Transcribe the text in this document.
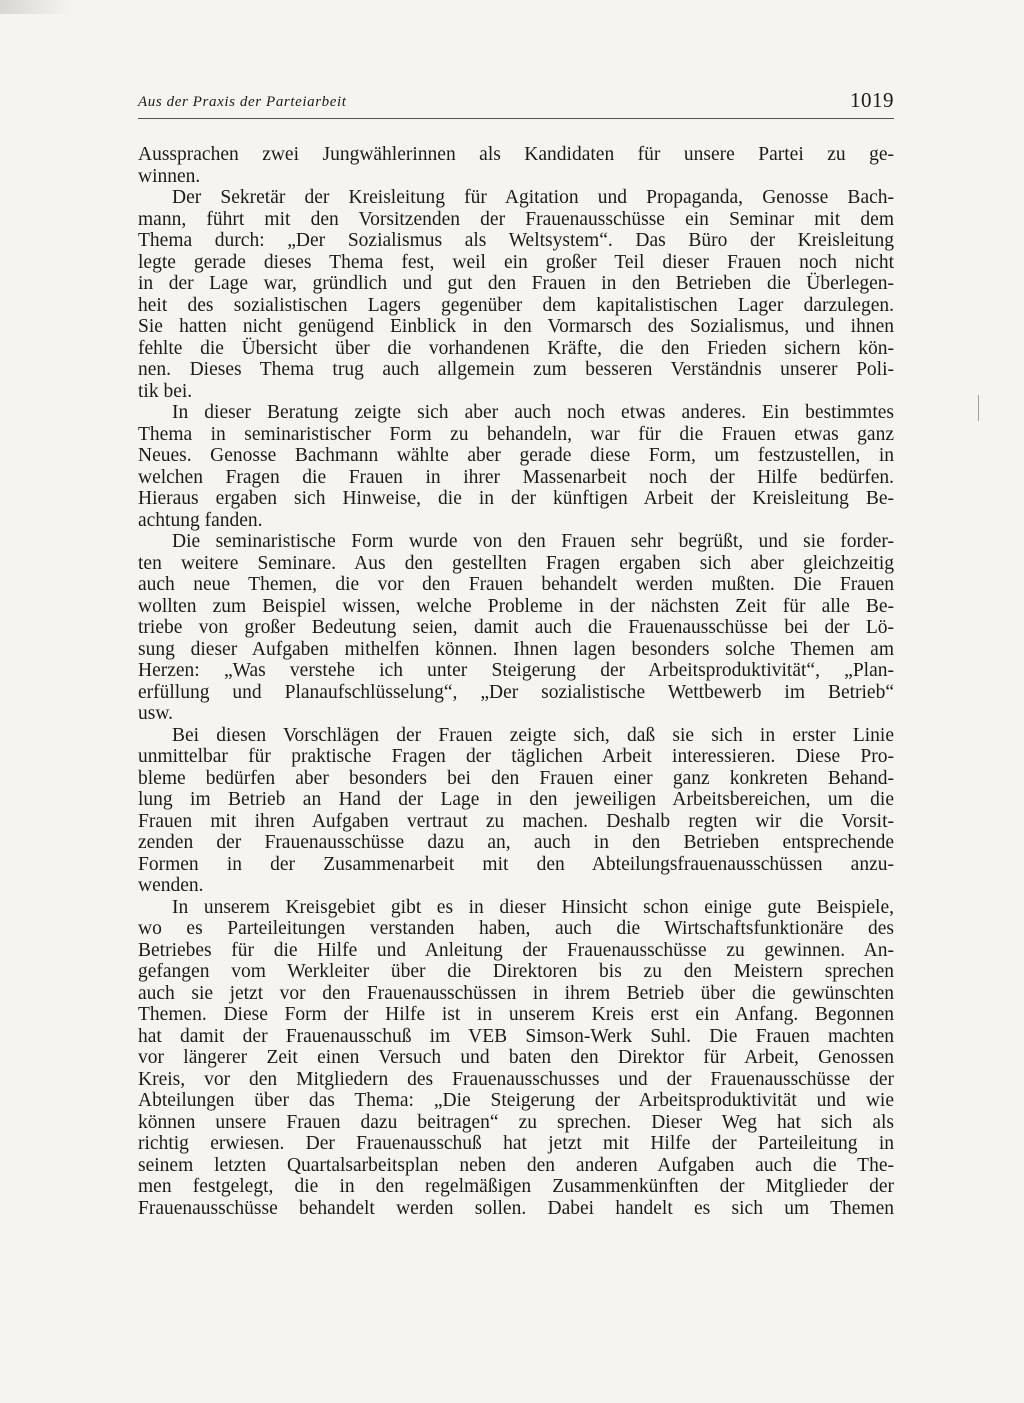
Aus der Praxis der Parteiarbeit	1019
Aussprachen zwei Jungwählerinnen als Kandidaten für unsere Partei zu ge-
winnen.
Der Sekretär der Kreisleitung für Agitation und Propaganda, Genosse Bach-
mann, führt mit den Vorsitzenden der Frauenausschüsse ein Seminar mit dem
Thema durch: „Der Sozialismus als Weltsystem“. Das Büro der Kreisleitung
legte gerade dieses Thema fest, weil ein großer Teil dieser Frauen noch nicht
in der Lage war, gründlich und gut den Frauen in den Betrieben die Überlegen-
heit des sozialistischen Lagers gegenüber dem kapitalistischen Lager darzulegen.
Sie hatten nicht genügend Einblick in den Vormarsch des Sozialismus, und ihnen
fehlte die Übersicht über die vorhandenen Kräfte, die den Frieden sichern kön-
nen. Dieses Thema trug auch allgemein zum besseren Verständnis unserer Poli-
tik bei.
In dieser Beratung zeigte sich aber auch noch etwas anderes. Ein bestimmtes
Thema in seminaristischer Form zu behandeln, war für die Frauen etwas ganz
Neues. Genosse Bachmann wählte aber gerade diese Form, um festzustellen, in
welchen Fragen die Frauen in ihrer Massenarbeit noch der Hilfe bedürfen.
Hieraus ergaben sich Hinweise, die in der künftigen Arbeit der Kreisleitung Be-
achtung fanden.
Die seminaristische Form wurde von den Frauen sehr begrüßt, und sie forder-
ten weitere Seminare. Aus den gestellten Fragen ergaben sich aber gleichzeitig
auch neue Themen, die vor den Frauen behandelt werden mußten. Die Frauen
wollten zum Beispiel wissen, welche Probleme in der nächsten Zeit für alle Be-
triebe von großer Bedeutung seien, damit auch die Frauenausschüsse bei der Lö-
sung dieser Aufgaben mithelfen können. Ihnen lagen besonders solche Themen am
Herzen: „Was verstehe ich unter Steigerung der Arbeitsproduktivität“, „Plan-
erfüllung und Planaufschlüsselung“, „Der sozialistische Wettbewerb im Betrieb“
usw.
Bei diesen Vorschlägen der Frauen zeigte sich, daß sie sich in erster Linie
unmittelbar für praktische Fragen der täglichen Arbeit interessieren. Diese Pro-
bleme bedürfen aber besonders bei den Frauen einer ganz konkreten Behand-
lung im Betrieb an Hand der Lage in den jeweiligen Arbeitsbereichen, um die
Frauen mit ihren Aufgaben vertraut zu machen. Deshalb regten wir die Vorsit-
zenden der Frauenausschüsse dazu an, auch in den Betrieben entsprechende
Formen in der Zusammenarbeit mit den Abteilungsfrauenausschüssen anzu-
wenden.
In unserem Kreisgebiet gibt es in dieser Hinsicht schon einige gute Beispiele,
wo es Parteileitungen verstanden haben, auch die Wirtschaftsfunktionäre des
Betriebes für die Hilfe und Anleitung der Frauenausschüsse zu gewinnen. An-
gefangen vom Werkleiter über die Direktoren bis zu den Meistern sprechen
auch sie jetzt vor den Frauenausschüssen in ihrem Betrieb über die gewünschten
Themen. Diese Form der Hilfe ist in unserem Kreis erst ein Anfang. Begonnen
hat damit der Frauenausschuß im VEB Simson-Werk Suhl. Die Frauen machten
vor längerer Zeit einen Versuch und baten den Direktor für Arbeit, Genossen
Kreis, vor den Mitgliedern des Frauenausschusses und der Frauenausschüsse der
Abteilungen über das Thema: „Die Steigerung der Arbeitsproduktivität und wie
können unsere Frauen dazu beitragen“ zu sprechen. Dieser Weg hat sich als
richtig erwiesen. Der Frauenausschuß hat jetzt mit Hilfe der Parteileitung in
seinem letzten Quartalsarbeitsplan neben den anderen Aufgaben auch die The-
men festgelegt, die in den regelmäßigen Zusammenkünften der Mitglieder der
Frauenausschüsse behandelt werden sollen. Dabei handelt es sich um Themen
